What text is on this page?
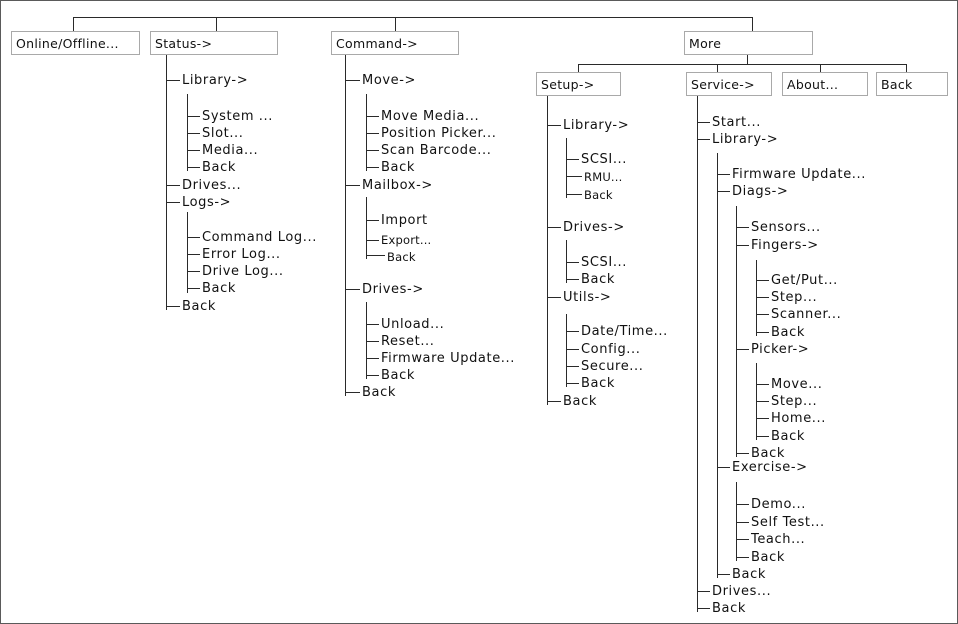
Online/Offline...	Status->	Command->	More
Setup->	Service->	About...	Back
Library->
System ...
Slot...
Media...
Back
Drives...
Logs->
Command Log...
Error Log...
Drive Log...
Back
Back
Move->
Move Media...
Position Picker...
Scan Barcode...
Back
Mailbox->
Import
Export...
Back
Drives->
Unload...
Reset...
Firmware Update...
Back
Back
Library->
SCSI...
RMU...
Back
Drives->
SCSI...
Back
Utils->
Date/Time...
Config...
Secure...
Back
Back
Start...
Library->
Firmware Update...
Diags->
Sensors...
Fingers->
Get/Put...
Step...
Scanner...
Back
Picker->
Move...
Step...
Home...
Back
Back
Exercise->
Demo...
Self Test...
Teach...
Back
Back
Drives...
Back
